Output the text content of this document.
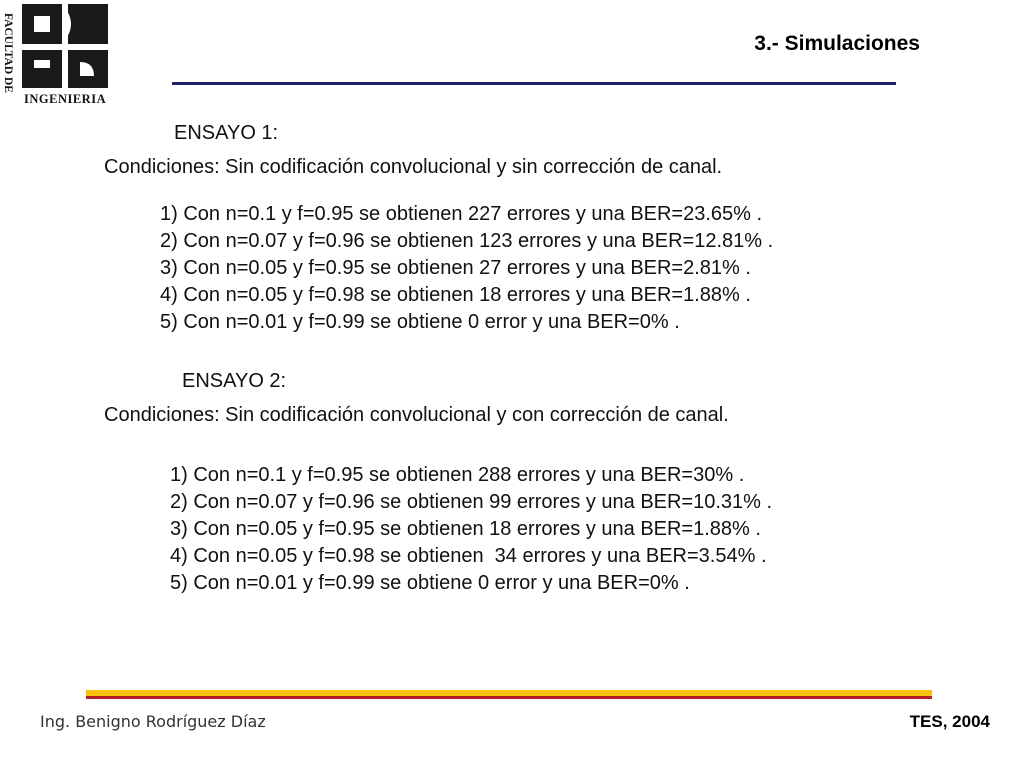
FACULTAD DE
INGENIERIA
3.- Simulaciones
ENSAYO 1:
Condiciones: Sin codificación convolucional y sin corrección de canal.
1) Con n=0.1 y f=0.95 se obtienen 227 errores y una BER=23.65% .
2) Con n=0.07 y f=0.96 se obtienen 123 errores y una BER=12.81% .
3) Con n=0.05 y f=0.95 se obtienen 27 errores y una BER=2.81% .
4) Con n=0.05 y f=0.98 se obtienen 18 errores y una BER=1.88% .
5) Con n=0.01 y f=0.99 se obtiene 0 error y una BER=0% .
ENSAYO 2:
Condiciones: Sin codificación convolucional y con corrección de canal.
1) Con n=0.1 y f=0.95 se obtienen 288 errores y una BER=30% .
2) Con n=0.07 y f=0.96 se obtienen 99 errores y una BER=10.31% .
3) Con n=0.05 y f=0.95 se obtienen 18 errores y una BER=1.88% .
4) Con n=0.05 y f=0.98 se obtienen  34 errores y una BER=3.54% .
5) Con n=0.01 y f=0.99 se obtiene 0 error y una BER=0% .
Ing. Benigno Rodríguez Díaz	TES, 2004
